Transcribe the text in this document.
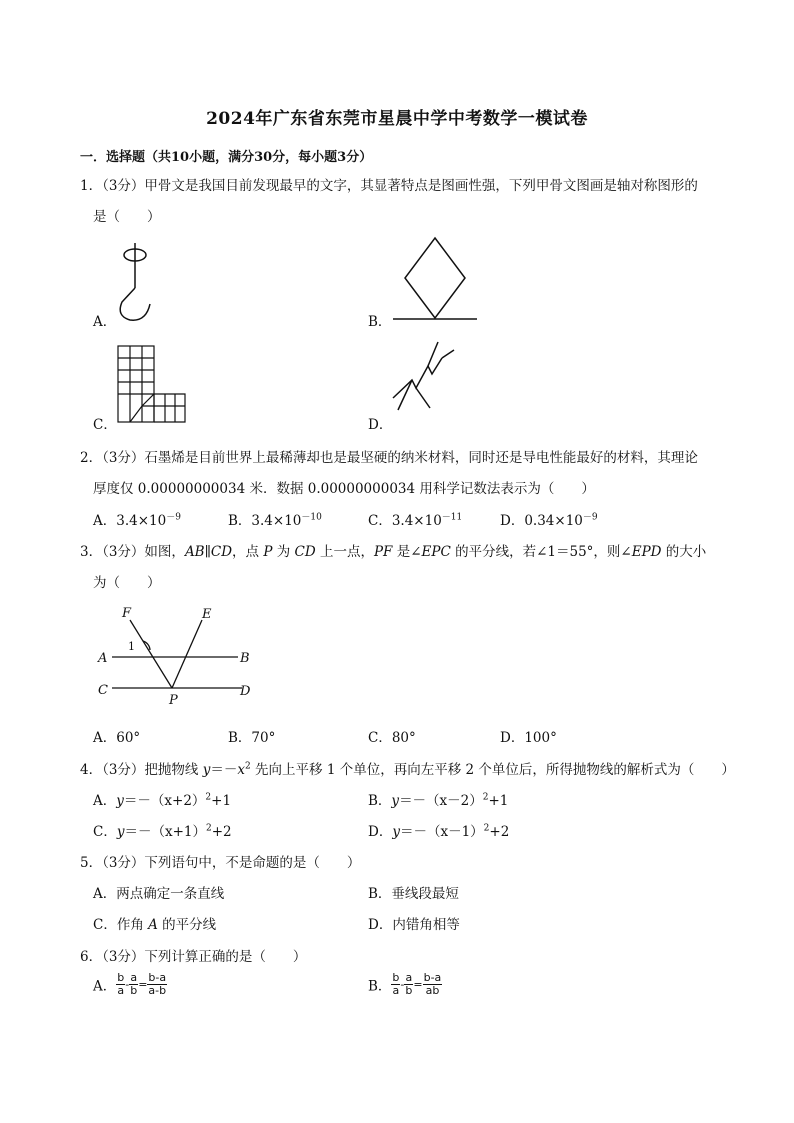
2024年广东省东莞市星晨中学中考数学一模试卷
一．选择题（共10小题，满分30分，每小题3分）
1．（3分）甲骨文是我国目前发现最早的文字，其显著特点是图画性强，下列甲骨文图画是轴对称图形的
是（　　）
A．	B．
C．	D．
2．（3分）石墨烯是目前世界上最稀薄却也是最坚硬的纳米材料，同时还是导电性能最好的材料，其理论
厚度仅 0.00000000034 米．数据 0.00000000034 用科学记数法表示为（　　）
A．$3.4\times 10^{-9}$	B．$3.4\times 10^{-10}$	C．$3.4\times 10^{-11}$	D．$0.34\times 10^{-9}$
3．（3分）如图，AB∥CD，点 P 为 CD 上一点，PF 是∠EPC 的平分线，若∠1＝55°，则∠EPD 的大小
为（　　）
F	E
A	B
C	D
P
1
A．60°	B．70°	C．80°	D．100°
4．（3分）把抛物线 $y=-x^2$ 先向上平移 1 个单位，再向左平移 2 个单位后，所得抛物线的解析式为（　　）
A．$y=-(x+2)^2+1$	B．$y=-(x-2)^2+1$
C．$y=-(x+1)^2+2$	D．$y=-(x-1)^2+2$
5．（3分）下列语句中，不是命题的是（　　）
A．两点确定一条直线	B．垂线段最短
C．作角 A 的平分线	D．内错角相等
6．（3分）下列计算正确的是（　　）
A． $\frac{b}{a} - \frac{a}{b} = \frac{b-a}{a-b}$	B． $\frac{b}{a} - \frac{a}{b} = \frac{b-a}{ab}$
